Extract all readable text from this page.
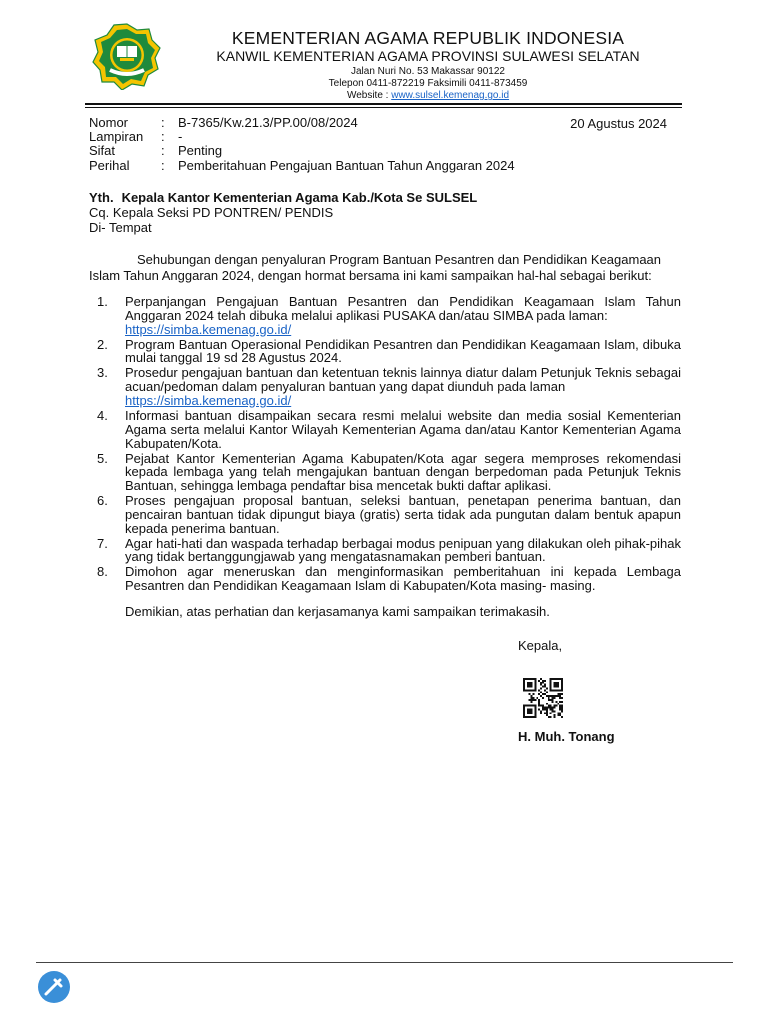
KEMENTERIAN AGAMA REPUBLIK INDONESIA
KANWIL KEMENTERIAN AGAMA PROVINSI SULAWESI SELATAN
Jalan Nuri No. 53 Makassar 90122
Telepon 0411-872219 Faksimili 0411-873459
Website : www.sulsel.kemenag.go.id
Nomor	:	B-7365/Kw.21.3/PP.00/08/2024
Lampiran	:	-
Sifat	:	Penting
Perihal	:	Pemberitahuan Pengajuan Bantuan Tahun Anggaran 2024
20 Agustus 2024
Yth. Kepala Kantor Kementerian Agama Kab./Kota Se SULSEL
Cq. Kepala Seksi PD PONTREN/ PENDIS
Di- Tempat
Sehubungan dengan penyaluran Program Bantuan Pesantren dan Pendidikan Keagamaan Islam Tahun Anggaran 2024, dengan hormat bersama ini kami sampaikan hal-hal sebagai berikut:
1.	Perpanjangan Pengajuan Bantuan Pesantren dan Pendidikan Keagamaan Islam Tahun Anggaran 2024 telah dibuka melalui aplikasi PUSAKA dan/atau SIMBA pada laman:
https://simba.kemenag.go.id/
2.	Program Bantuan Operasional Pendidikan Pesantren dan Pendidikan Keagamaan Islam, dibuka mulai tanggal 19 sd 28 Agustus 2024.
3.	Prosedur pengajuan bantuan dan ketentuan teknis lainnya diatur dalam Petunjuk Teknis sebagai acuan/pedoman dalam penyaluran bantuan yang dapat diunduh pada laman
https://simba.kemenag.go.id/
4.	Informasi bantuan disampaikan secara resmi melalui website dan media sosial Kementerian Agama serta melalui Kantor Wilayah Kementerian Agama dan/atau Kantor Kementerian Agama Kabupaten/Kota.
5.	Pejabat Kantor Kementerian Agama Kabupaten/Kota agar segera memproses rekomendasi kepada lembaga yang telah mengajukan bantuan dengan berpedoman pada Petunjuk Teknis Bantuan, sehingga lembaga pendaftar bisa mencetak bukti daftar aplikasi.
6.	Proses pengajuan proposal bantuan, seleksi bantuan, penetapan penerima bantuan, dan pencairan bantuan tidak dipungut biaya (gratis) serta tidak ada pungutan dalam bentuk apapun kepada penerima bantuan.
7.	Agar hati-hati dan waspada terhadap berbagai modus penipuan yang dilakukan oleh pihak-pihak yang tidak bertanggungjawab yang mengatasnamakan pemberi bantuan.
8.	Dimohon agar meneruskan dan menginformasikan pemberitahuan ini kepada Lembaga Pesantren dan Pendidikan Keagamaan Islam di Kabupaten/Kota masing- masing.
Demikian, atas perhatian dan kerjasamanya kami sampaikan terimakasih.
Kepala,
H. Muh. Tonang
